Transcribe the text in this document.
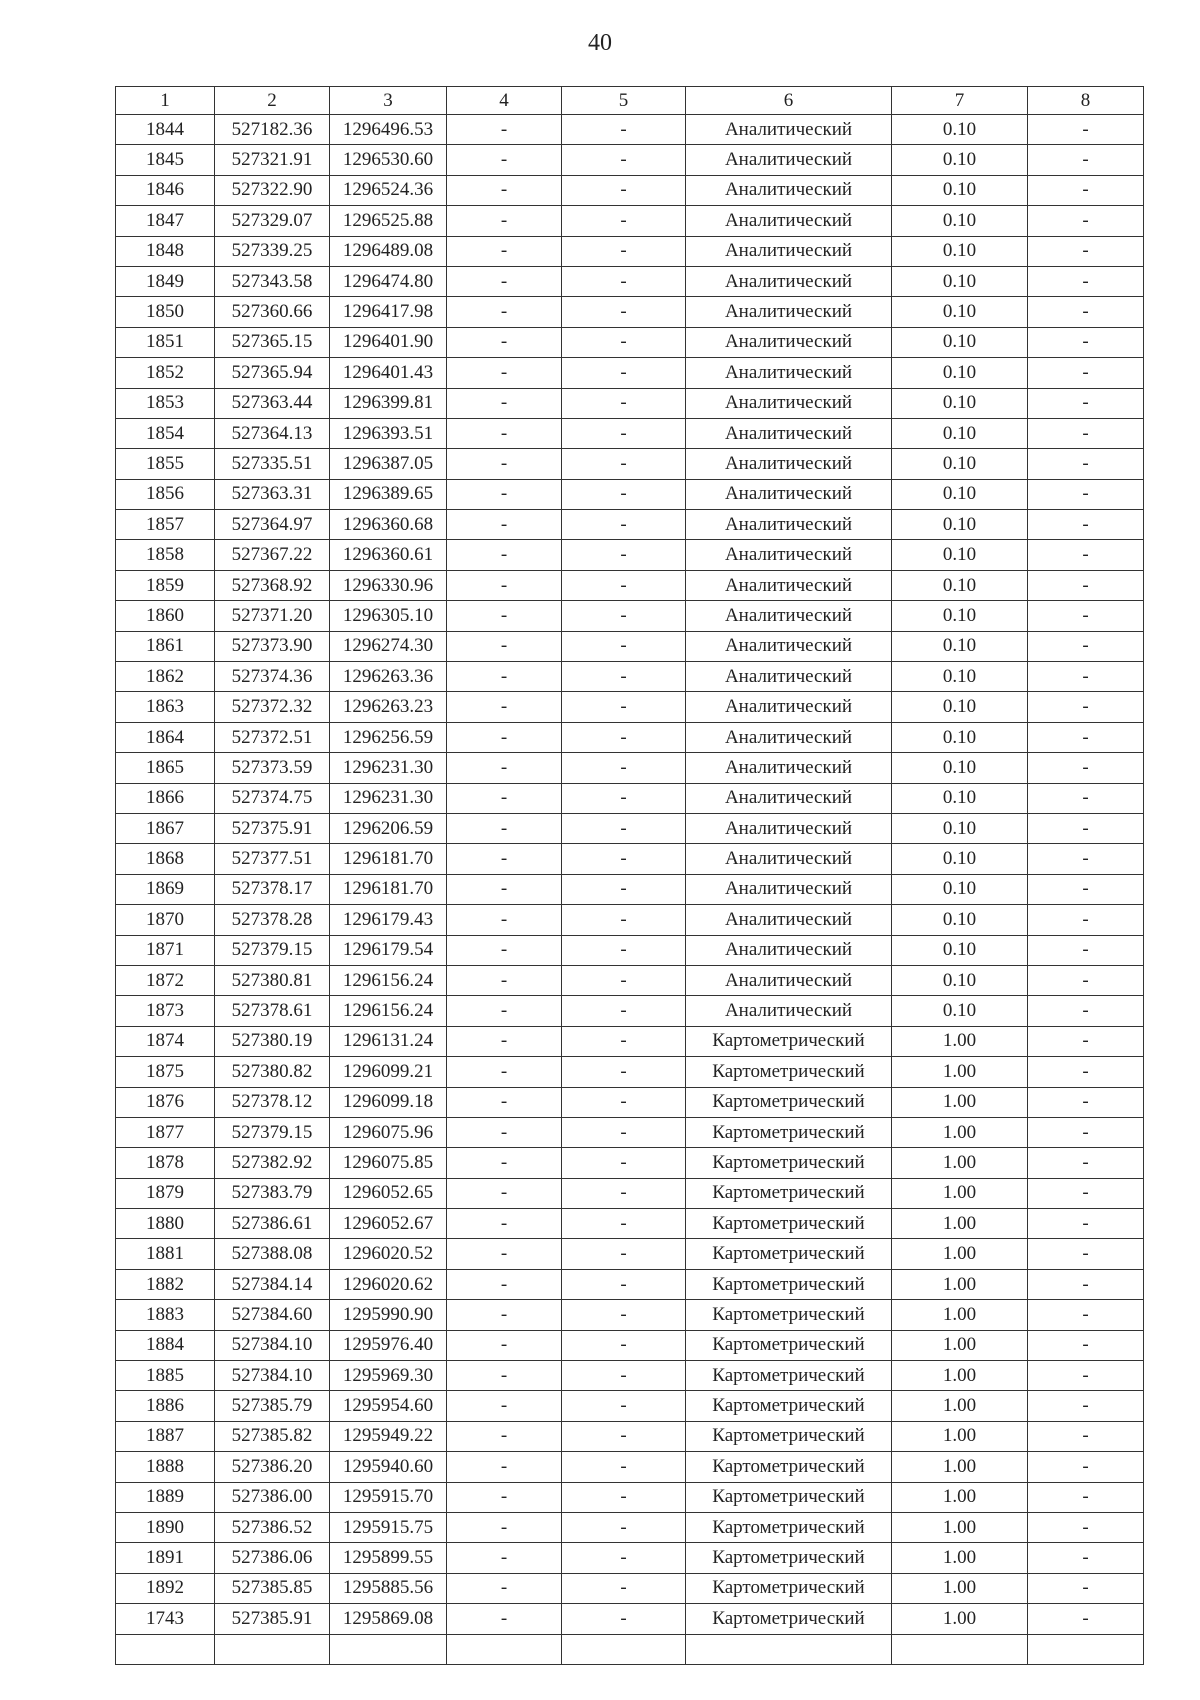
40
1	2	3	4	5	6	7	8
1844	527182.36	1296496.53	-	-	Аналитический	0.10	-
1845	527321.91	1296530.60	-	-	Аналитический	0.10	-
1846	527322.90	1296524.36	-	-	Аналитический	0.10	-
1847	527329.07	1296525.88	-	-	Аналитический	0.10	-
1848	527339.25	1296489.08	-	-	Аналитический	0.10	-
1849	527343.58	1296474.80	-	-	Аналитический	0.10	-
1850	527360.66	1296417.98	-	-	Аналитический	0.10	-
1851	527365.15	1296401.90	-	-	Аналитический	0.10	-
1852	527365.94	1296401.43	-	-	Аналитический	0.10	-
1853	527363.44	1296399.81	-	-	Аналитический	0.10	-
1854	527364.13	1296393.51	-	-	Аналитический	0.10	-
1855	527335.51	1296387.05	-	-	Аналитический	0.10	-
1856	527363.31	1296389.65	-	-	Аналитический	0.10	-
1857	527364.97	1296360.68	-	-	Аналитический	0.10	-
1858	527367.22	1296360.61	-	-	Аналитический	0.10	-
1859	527368.92	1296330.96	-	-	Аналитический	0.10	-
1860	527371.20	1296305.10	-	-	Аналитический	0.10	-
1861	527373.90	1296274.30	-	-	Аналитический	0.10	-
1862	527374.36	1296263.36	-	-	Аналитический	0.10	-
1863	527372.32	1296263.23	-	-	Аналитический	0.10	-
1864	527372.51	1296256.59	-	-	Аналитический	0.10	-
1865	527373.59	1296231.30	-	-	Аналитический	0.10	-
1866	527374.75	1296231.30	-	-	Аналитический	0.10	-
1867	527375.91	1296206.59	-	-	Аналитический	0.10	-
1868	527377.51	1296181.70	-	-	Аналитический	0.10	-
1869	527378.17	1296181.70	-	-	Аналитический	0.10	-
1870	527378.28	1296179.43	-	-	Аналитический	0.10	-
1871	527379.15	1296179.54	-	-	Аналитический	0.10	-
1872	527380.81	1296156.24	-	-	Аналитический	0.10	-
1873	527378.61	1296156.24	-	-	Аналитический	0.10	-
1874	527380.19	1296131.24	-	-	Картометрический	1.00	-
1875	527380.82	1296099.21	-	-	Картометрический	1.00	-
1876	527378.12	1296099.18	-	-	Картометрический	1.00	-
1877	527379.15	1296075.96	-	-	Картометрический	1.00	-
1878	527382.92	1296075.85	-	-	Картометрический	1.00	-
1879	527383.79	1296052.65	-	-	Картометрический	1.00	-
1880	527386.61	1296052.67	-	-	Картометрический	1.00	-
1881	527388.08	1296020.52	-	-	Картометрический	1.00	-
1882	527384.14	1296020.62	-	-	Картометрический	1.00	-
1883	527384.60	1295990.90	-	-	Картометрический	1.00	-
1884	527384.10	1295976.40	-	-	Картометрический	1.00	-
1885	527384.10	1295969.30	-	-	Картометрический	1.00	-
1886	527385.79	1295954.60	-	-	Картометрический	1.00	-
1887	527385.82	1295949.22	-	-	Картометрический	1.00	-
1888	527386.20	1295940.60	-	-	Картометрический	1.00	-
1889	527386.00	1295915.70	-	-	Картометрический	1.00	-
1890	527386.52	1295915.75	-	-	Картометрический	1.00	-
1891	527386.06	1295899.55	-	-	Картометрический	1.00	-
1892	527385.85	1295885.56	-	-	Картометрический	1.00	-
1743	527385.91	1295869.08	-	-	Картометрический	1.00	-
